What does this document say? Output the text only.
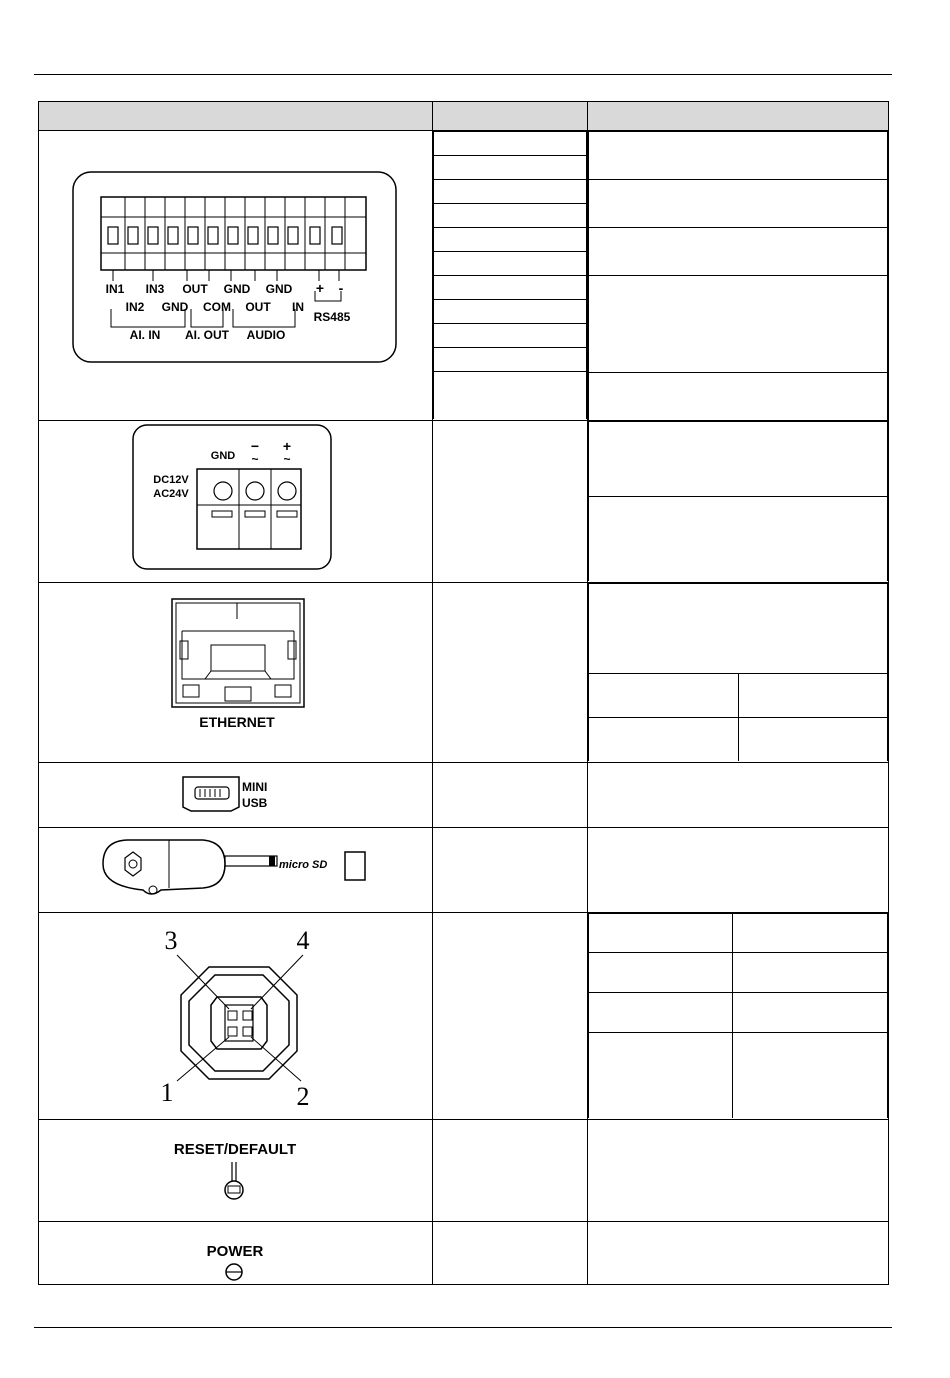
IN1 IN3 OUT GND GND + -
IN2 GND COM OUT IN
AI. IN AI. OUT AUDIO
RS485

GND
− +
~ ~
DC12V
AC24V

ETHERNET

MINI
USB

micro SD

3	4
1	2

RESET/DEFAULT

POWER
